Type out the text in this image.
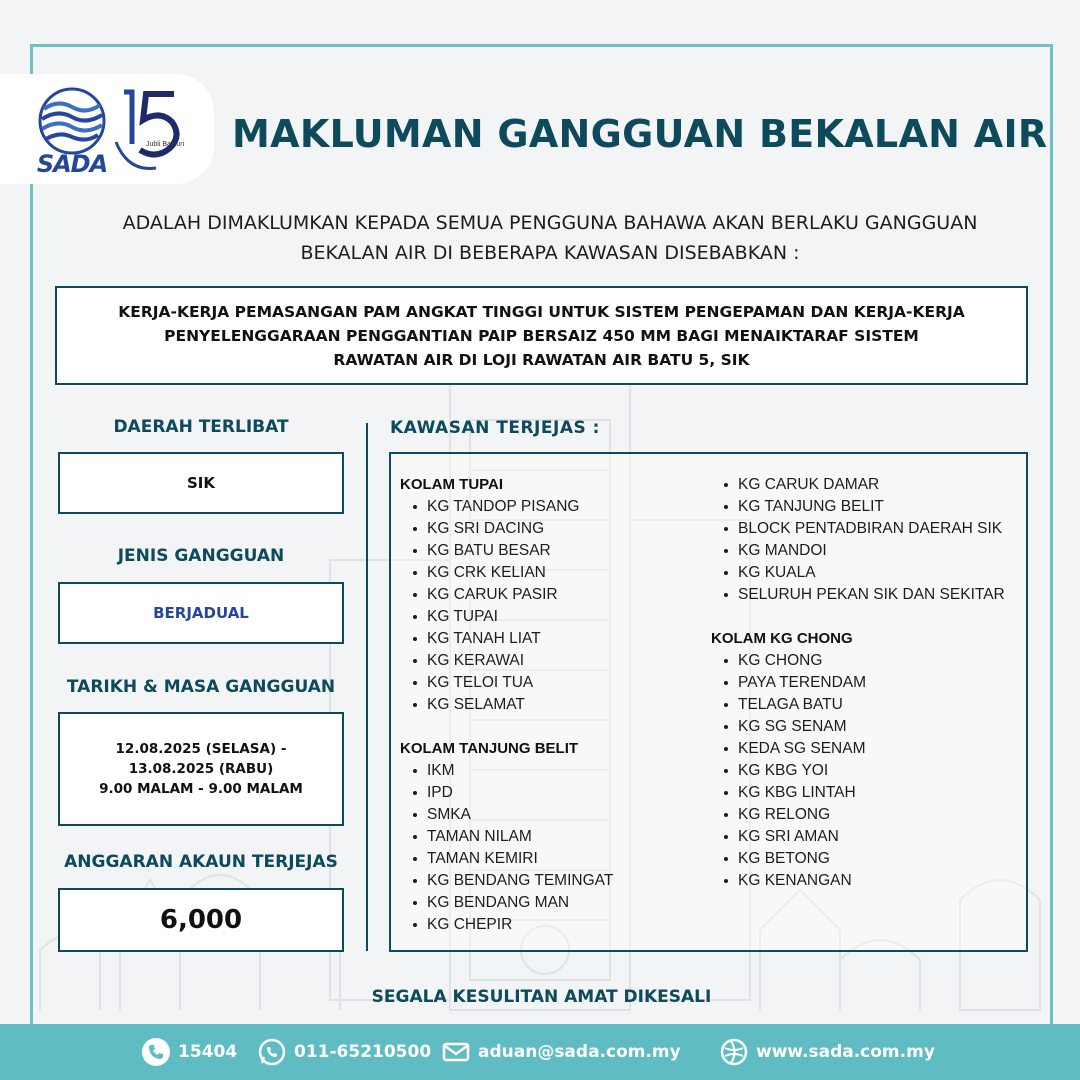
SADA
Jubli Baiduri MAKLUMAN GANGGUAN BEKALAN AIR
ADALAH DIMAKLUMKAN KEPADA SEMUA PENGGUNA BAHAWA AKAN BERLAKU GANGGUAN
BEKALAN AIR DI BEBERAPA KAWASAN DISEBABKAN :

KERJA-KERJA PEMASANGAN PAM ANGKAT TINGGI UNTUK SISTEM PENGEPAMAN DAN KERJA-KERJA
PENYELENGGARAAN PENGGANTIAN PAIP BERSAIZ 450 MM BAGI MENAIKTARAF SISTEM
RAWATAN AIR DI LOJI RAWATAN AIR BATU 5, SIK

DAERAH TERLIBAT
SIK
JENIS GANGGUAN
BERJADUAL
TARIKH & MASA GANGGUAN
12.08.2025 (SELASA) -
13.08.2025 (RABU)
9.00 MALAM - 9.00 MALAM
ANGGARAN AKAUN TERJEJAS
6,000
KAWASAN TERJEJAS :
KOLAM TUPAI
KG TANDOP PISANG
KG SRI DACING
KG BATU BESAR
KG CRK KELIAN
KG CARUK PASIR
KG TUPAI
KG TANAH LIAT
KG KERAWAI
KG TELOI TUA
KG SELAMAT
KOLAM TANJUNG BELIT
IKM
IPD
SMKA
TAMAN NILAM
TAMAN KEMIRI
KG BENDANG TEMINGAT
KG BENDANG MAN
KG CHEPIR
KG CARUK DAMAR
KG TANJUNG BELIT
BLOCK PENTADBIRAN DAERAH SIK
KG MANDOI
KG KUALA
SELURUH PEKAN SIK DAN SEKITAR
KOLAM KG CHONG
KG CHONG
PAYA TERENDAM
TELAGA BATU
KG SG SENAM
KEDA SG SENAM
KG KBG YOI
KG KBG LINTAH
KG RELONG
KG SRI AMAN
KG BETONG
KG KENANGAN
SEGALA KESULITAN AMAT DIKESALI
15404	011-65210500	aduan@sada.com.my	www.sada.com.my
